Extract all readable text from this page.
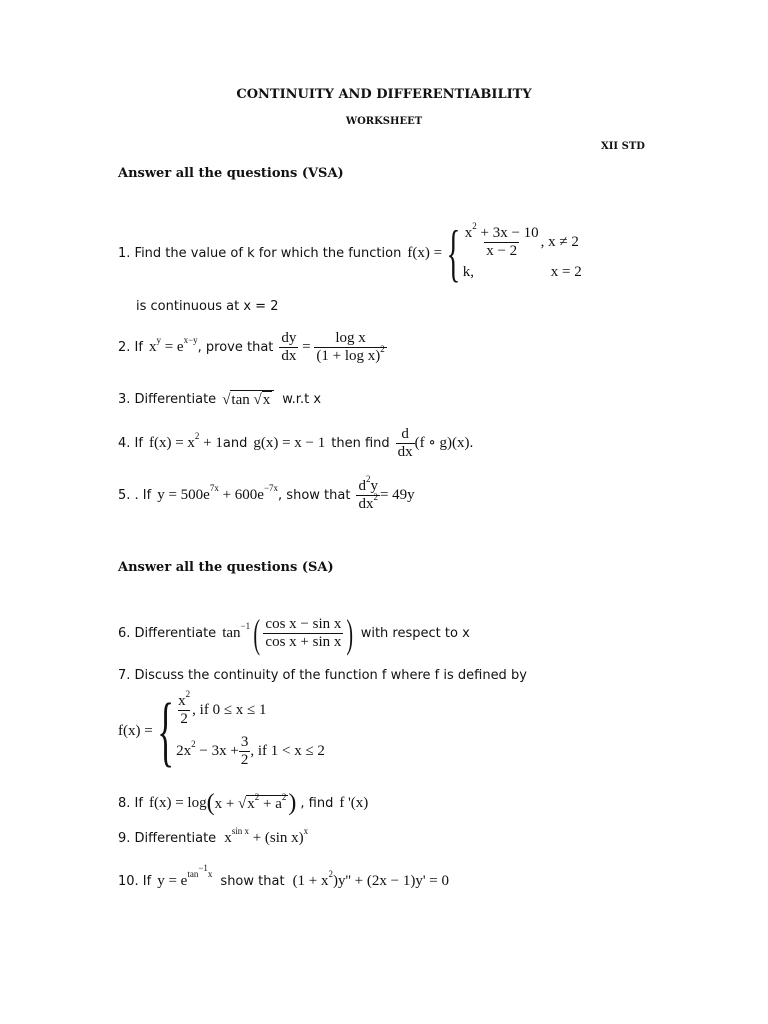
CONTINUITY AND DIFFERENTIABILITY
WORKSHEET
XII STD
Answer all the questions (VSA)
1. Find the value of k for which the function f(x) = { $\frac{x^2 + 3x - 10}{x - 2}$ , x ≠ 2
k,	x = 2
is continuous at x = 2
2. If $x^y = e^{x-y}$ , prove that $\frac{dy}{dx} = \frac{\text{log x}}{(1 + \log x)^2}$
3. Differentiate √tan √x w.r.t x
4. If $f(x) = x^2 + 1$ and g(x) = x − 1 then find $\frac{d}{dx} (f$ ∘ g)(x).
5. . If $y = 500e^{7x} + 600e^{-7x}$ , show that $\frac{d^2y}{dx^2} = 49y$
Answer all the questions (SA)
6. Differentiate $\tan^{-1}$ ( $\frac{\text{cos x − sin x}}{\text{cos x + sin x}}$ ) with respect to x
7. Discuss the continuity of the function f where f is defined by
f(x) = { $\frac{x^2}{2}$ , if 0 ≤ x ≤ 1
$2x^2 - 3x + \frac{3}{2}$ , if 1 < x ≤ 2
8. If f(x) = log ( $x + √x^2 + a^2$ ) , find f '(x)
9. Differentiate $x^{sin x} + (\sin$ x)$^x$
10. If $y = e^{tan^{-1}x}$ show that $(1 + x^2)y'' + (2x - 1)y' = 0$
